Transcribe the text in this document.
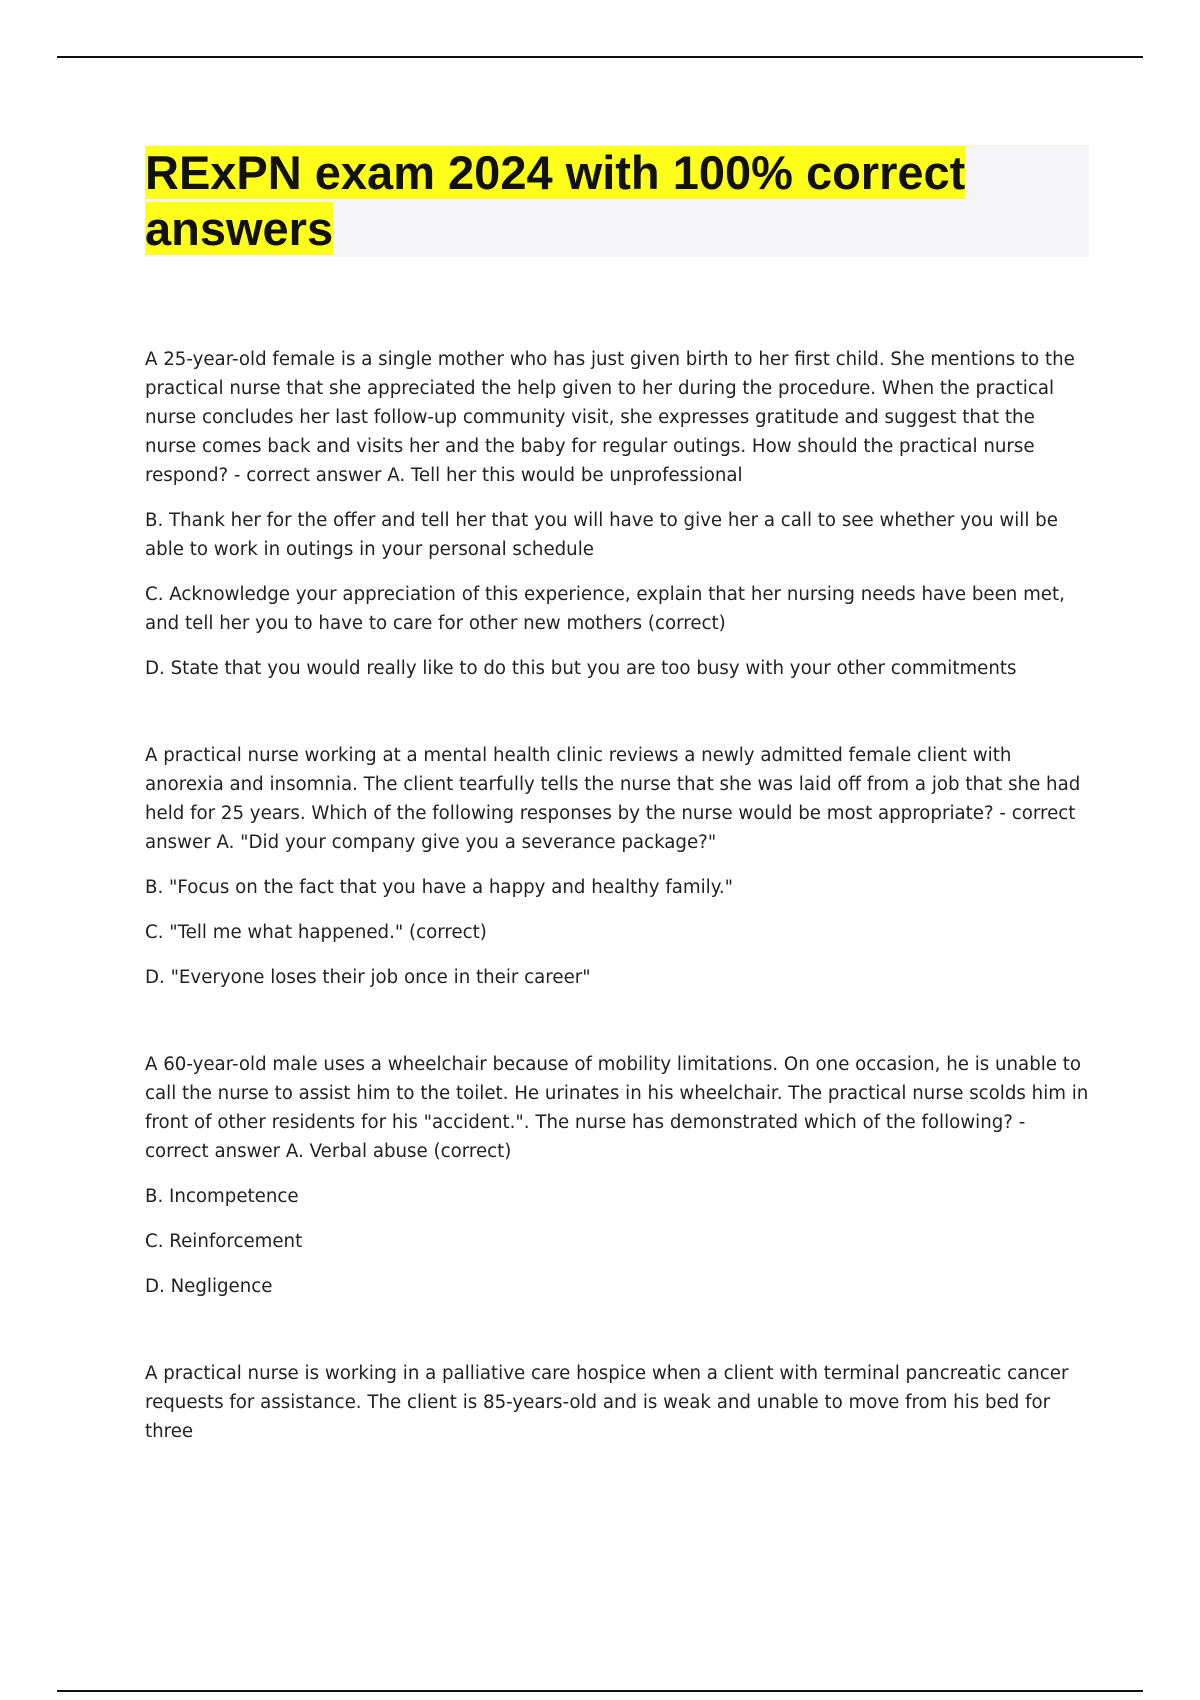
RExPN exam 2024 with 100% correct answers

A 25-year-old female is a single mother who has just given birth to her first child. She mentions to the practical nurse that she appreciated the help given to her during the procedure. When the practical nurse concludes her last follow-up community visit, she expresses gratitude and suggest that the nurse comes back and visits her and the baby for regular outings. How should the practical nurse respond? - correct answer A. Tell her this would be unprofessional

B. Thank her for the offer and tell her that you will have to give her a call to see whether you will be able to work in outings in your personal schedule

C. Acknowledge your appreciation of this experience, explain that her nursing needs have been met, and tell her you to have to care for other new mothers (correct)

D. State that you would really like to do this but you are too busy with your other commitments

A practical nurse working at a mental health clinic reviews a newly admitted female client with anorexia and insomnia. The client tearfully tells the nurse that she was laid off from a job that she had held for 25 years. Which of the following responses by the nurse would be most appropriate? - correct answer A. "Did your company give you a severance package?"

B. "Focus on the fact that you have a happy and healthy family."

C. "Tell me what happened." (correct)

D. "Everyone loses their job once in their career"

A 60-year-old male uses a wheelchair because of mobility limitations. On one occasion, he is unable to call the nurse to assist him to the toilet. He urinates in his wheelchair. The practical nurse scolds him in front of other residents for his "accident.". The nurse has demonstrated which of the following? - correct answer A. Verbal abuse (correct)

B. Incompetence

C. Reinforcement

D. Negligence

A practical nurse is working in a palliative care hospice when a client with terminal pancreatic cancer requests for assistance. The client is 85-years-old and is weak and unable to move from his bed for three
